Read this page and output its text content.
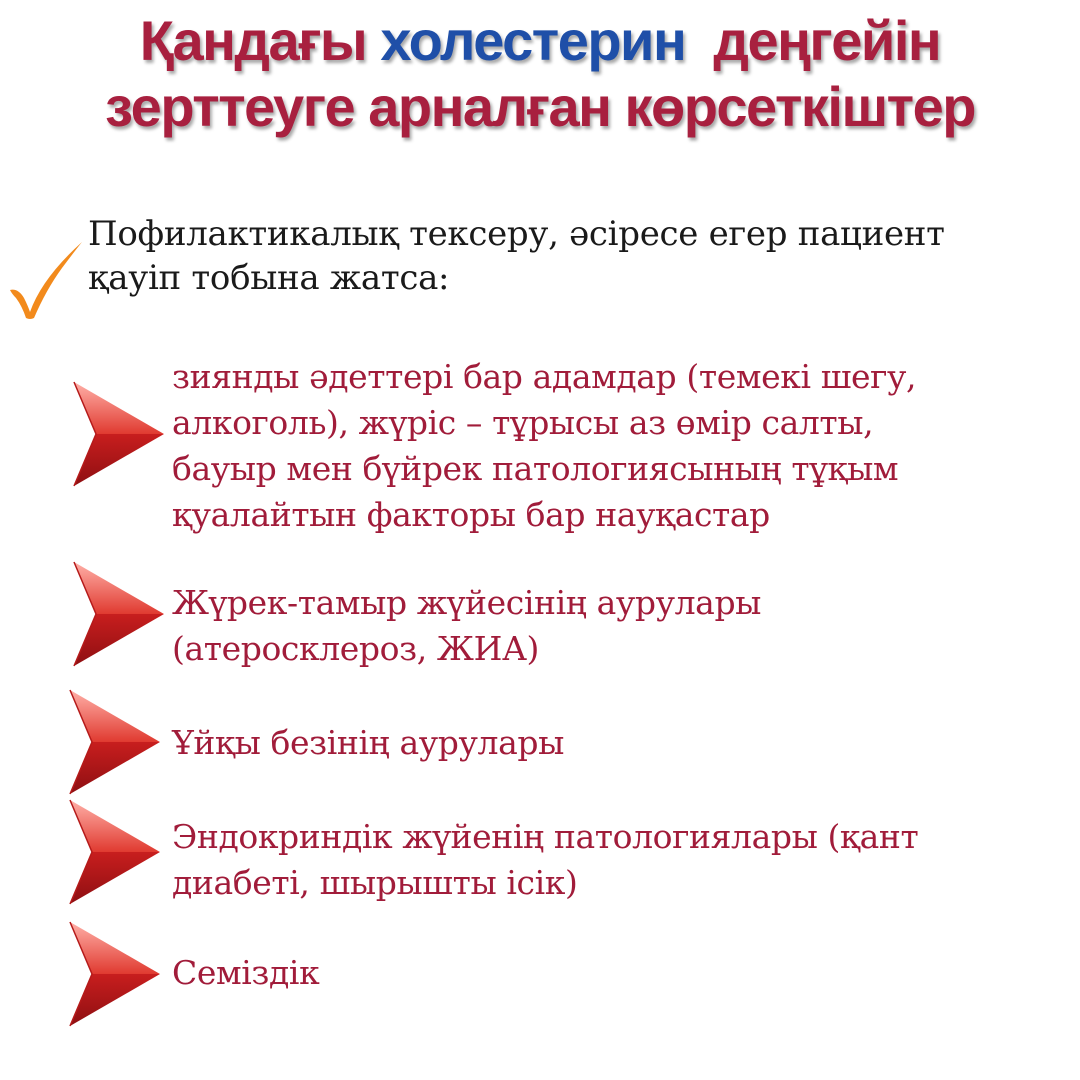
Қандағы холестерин  деңгейін
зерттеуге арналған көрсеткіштер
Пофилактикалық тексеру, әсіресе егер пациент
қауіп тобына жатса:
зиянды әдеттері бар адамдар (темекі шегу,
алкоголь), жүріс – тұрысы аз өмір салты,
бауыр мен бүйрек патологиясының тұқым
қуалайтын факторы бар науқастар
Жүрек-тамыр жүйесінің аурулары
(атеросклероз, ЖИА)
Ұйқы безінің аурулары
Эндокриндік жүйенің патологиялары (қант
диабеті, шырышты ісік)
Семіздік
